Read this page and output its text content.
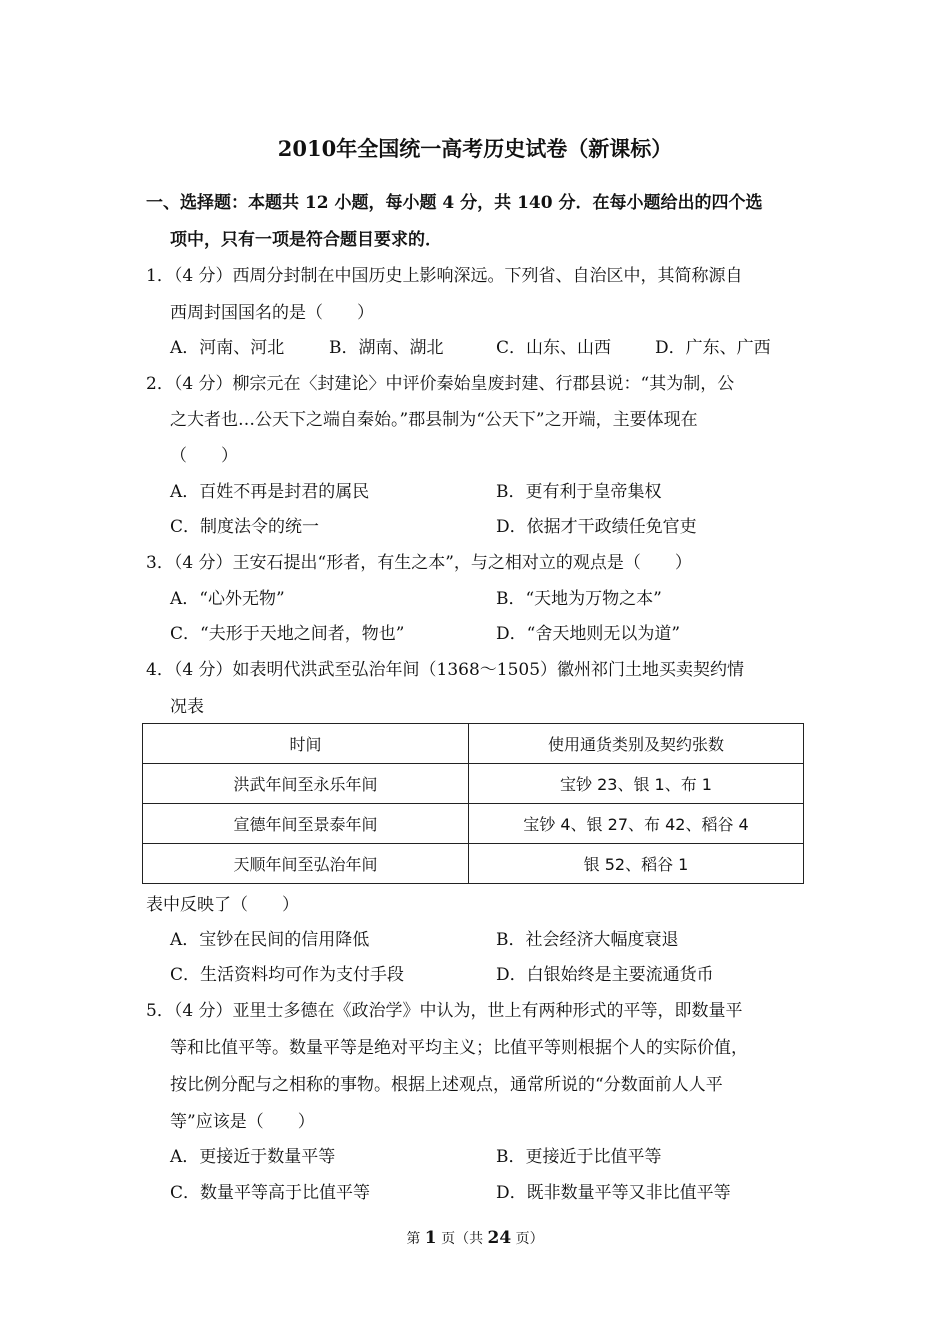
2010年全国统一高考历史试卷（新课标）
一、选择题：本题共 12 小题，每小题 4 分，共 140 分．在每小题给出的四个选
项中，只有一项是符合题目要求的．
1．（4 分）西周分封制在中国历史上影响深远。下列省、自治区中，其简称源自
西周封国国名的是（　　）
A．河南、河北	B．湖南、湖北	C．山东、山西	D．广东、广西
2．（4 分）柳宗元在〈封建论〉中评价秦始皇废封建、行郡县说：“其为制，公
之大者也…公天下之端自秦始。”郡县制为“公天下”之开端，主要体现在
（　　）
A．百姓不再是封君的属民	B．更有利于皇帝集权
C．制度法令的统一	D．依据才干政绩任免官吏
3．（4 分）王安石提出“形者，有生之本”，与之相对立的观点是（　　）
A．“心外无物”	B．“天地为万物之本”
C．“夫形于天地之间者，物也”	D．“舍天地则无以为道”
4．（4 分）如表明代洪武至弘治年间（1368～1505）徽州祁门土地买卖契约情
况表
时间	使用通货类别及契约张数
洪武年间至永乐年间	宝钞 23、银 1、布 1
宣德年间至景泰年间	宝钞 4、银 27、布 42、稻谷 4
天顺年间至弘治年间	银 52、稻谷 1
表中反映了（　　）
A．宝钞在民间的信用降低	B．社会经济大幅度衰退
C．生活资料均可作为支付手段	D．白银始终是主要流通货币
5．（4 分）亚里士多德在《政治学》中认为，世上有两种形式的平等，即数量平
等和比值平等。数量平等是绝对平均主义；比值平等则根据个人的实际价值，
按比例分配与之相称的事物。根据上述观点，通常所说的“分数面前人人平
等”应该是（　　）
A．更接近于数量平等	B．更接近于比值平等
C．数量平等高于比值平等	D．既非数量平等又非比值平等
第 1 页（共 24 页）
